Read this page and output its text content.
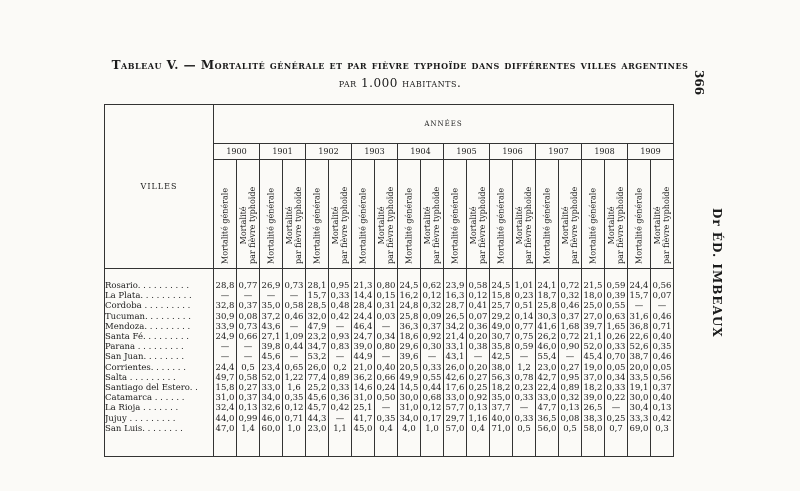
Tableau V. — Mortalité générale et par fièvre typhoïde dans différentes villes argentines
par 1.000 habitants.	366
Dr ÉD. IMBEAUX
VILLES	ANNÉES																			
	1900		1901		1902		1903		1904		1905		1906		1907		1908		1909	

	Mortalité générale	Mortalité
par fièvre typhoïde	Mortalité générale	Mortalité
par fièvre typhoïde	Mortalité générale	Mortalité
par fièvre typhoïde	Mortalité générale	Mortalité
par fièvre typhoïde	Mortalité générale	Mortalité
par fièvre typhoïde	Mortalité générale	Mortalité
par fièvre typhoïde	Mortalité générale	Mortalité
par fièvre typhoïde	Mortalité générale	Mortalité
par fièvre typhoïde	Mortalité générale	Mortalité
par fièvre typhoïde	Mortalité générale	Mortalité
par fièvre typhoïde

Rosario. . . . . . . . . .	28,8	0,77	26,9	0,73	28,1	0,95	21,3	0,80	24,5	0,62	23,9	0,58	24,5	1,01	24,1	0,72	21,5	0,59	24,4	0,56
La Plata. . . . . . . . . .	—	—	—	—	15,7	0,33	14,4	0,15	16,2	0,12	16,3	0,12	15,8	0,23	18,7	0,32	18,0	0,39	15,7	0,07
Cordoba . . . . . . . . .	32,8	0,37	35,0	0,58	28,5	0,48	28,4	0,31	24,8	0,32	28,7	0,41	25,7	0,51	25,8	0,46	25,0	0,55	—	—
Tucuman. . . . . . . . .	30,9	0,08	37,2	0,46	32,0	0,42	24,4	0,03	25,8	0,09	26,5	0,07	29,2	0,14	30,3	0,37	27,0	0,63	31,6	0,46
Mendoza. . . . . . . . .	33,9	0,73	43,6	—	47,9	—	46,4	—	36,3	0,37	34,2	0,36	49,0	0,77	41,6	1,68	39,7	1,65	36,8	0,71
Santa Fé. . . . . . . . .	24,9	0,66	27,1	1,09	23,2	0,93	24,7	0,34	18,6	0,92	21,4	0,20	30,7	0,75	26,2	0,72	21,1	0,26	22,6	0,40
Parana . . . . . . . . .	—	—	39,8	0,44	34,7	0,83	39,0	0,80	29,6	0,30	33,1	0,38	35,8	0,59	46,0	0,90	52,0	0,33	52,6	0,35
San Juan. . . . . . . .	—	—	45,6	—	53,2	—	44,9	—	39,6	—	43,1	—	42,5	—	55,4	—	45,4	0,70	38,7	0,46
Corrientes. . . . . . .	24,4	0,5	23,4	0,65	26,0	0,2	21,0	0,40	20,5	0,33	26,0	0,20	38,0	1,2	23,0	0,27	19,0	0,05	20,0	0,05
Salta . . . . . . . . .	49,7	0,58	52,0	1,22	77,4	0,89	36,2	0,66	49,9	0,55	42,6	0,27	56,3	0,78	42,7	0,95	37,0	0,34	33,5	0,56
Santiago del Estero. .	15,8	0,27	33,0	1,6	25,2	0,33	14,6	0,24	14,5	0,44	17,6	0,25	18,2	0,23	22,4	0,89	18,2	0,33	19,1	0,37
Catamarca . . . . . .	31,0	0,37	34,0	0,35	45,6	0,36	31,0	0,50	30,0	0,68	33,0	0,92	35,0	0,33	33,0	0,32	39,0	0,22	30,0	0,40
La Rioja . . . . . . .	32,4	0,13	32,6	0,12	45,7	0,42	25,1	—	31,0	0,12	57,7	0,13	37,7	—	47,7	0,13	26,5	—	30,4	0,13
Jujuy . . . . . . . . .	44,0	0,99	46,0	0,71	44,3	—	41,7	0,35	34,0	0,17	29,7	1,16	40,0	0,33	36,5	0,08	38,3	0,25	33,3	0,42
San Luis. . . . . . . .	47,0	1,4	60,0	1,0	23,0	1,1	45,0	0,4	4,0	1,0	57,0	0,4	71,0	0,5	56,0	0,5	58,0	0,7	69,0	0,3
